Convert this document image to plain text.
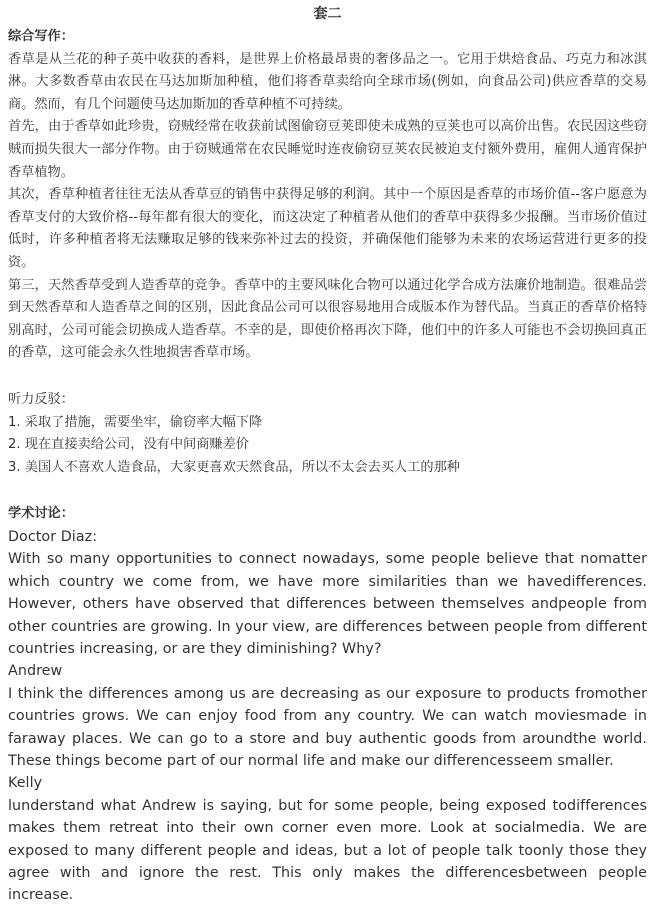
套二
综合写作：

香草是从兰花的种子英中收获的香料，是世界上价格最昂贵的奢侈品之一。它用于烘焙食品、巧克力和冰淇淋。大多数香草由农民在马达加斯加种植，他们将香草卖给向全球市场(例如，向食品公司)供应香草的交易商。然而，有几个问题使马达加斯加的香草种植不可持续。

首先，由于香草如此珍贵，窃贼经常在收获前试图偷窃豆荚即使未成熟的豆荚也可以高价出售。农民因这些窃贼而损失很大一部分作物。由于窃贼通常在农民睡觉时连夜偷窃豆荚农民被迫支付额外费用，雇佣人通宵保护香草植物。

其次，香草种植者往往无法从香草豆的销售中获得足够的利润。其中一个原因是香草的市场价值--客户愿意为香草支付的大致价格--每年都有很大的变化，而这决定了种植者从他们的香草中获得多少报酬。当市场价值过低时，许多种植者将无法赚取足够的钱来弥补过去的投资，并确保他们能够为未来的农场运营进行更多的投资。

第三，天然香草受到人造香草的竞争。香草中的主要风味化合物可以通过化学合成方法廉价地制造。很难品尝到天然香草和人造香草之间的区别，因此食品公司可以很容易地用合成版本作为替代品。当真正的香草价格特别高时，公司可能会切换成人造香草。不幸的是，即使价格再次下降，他们中的许多人可能也不会切换回真正的香草，这可能会永久性地损害香草市场。

听力反驳：
1. 采取了措施，需要坐牢，偷窃率大幅下降
2. 现在直接卖给公司，没有中间商赚差价
3. 美国人不喜欢人造食品，大家更喜欢天然食品，所以不太会去买人工的那种
学术讨论：
Doctor Diaz:

With so many opportunities to connect nowadays, some people believe that nomatter which country we come from, we have more similarities than we havedifferences. However, others have observed that differences between themselves andpeople from other countries are growing. In your view, are differences between people from different countries increasing, or are they diminishing? Why?

Andrew

I think the differences among us are decreasing as our exposure to products fromother countries grows. We can enjoy food from any country. We can watch moviesmade in faraway places. We can go to a store and buy authentic goods from aroundthe world. These things become part of our normal life and make our differencesseem smaller.

Kelly

lunderstand what Andrew is saying, but for some people, being exposed todifferences makes them retreat into their own corner even more. Look at socialmedia. We are exposed to many different people and ideas, but a lot of people talk toonly those they agree with and ignore the rest. This only makes the differencesbetween people increase.
